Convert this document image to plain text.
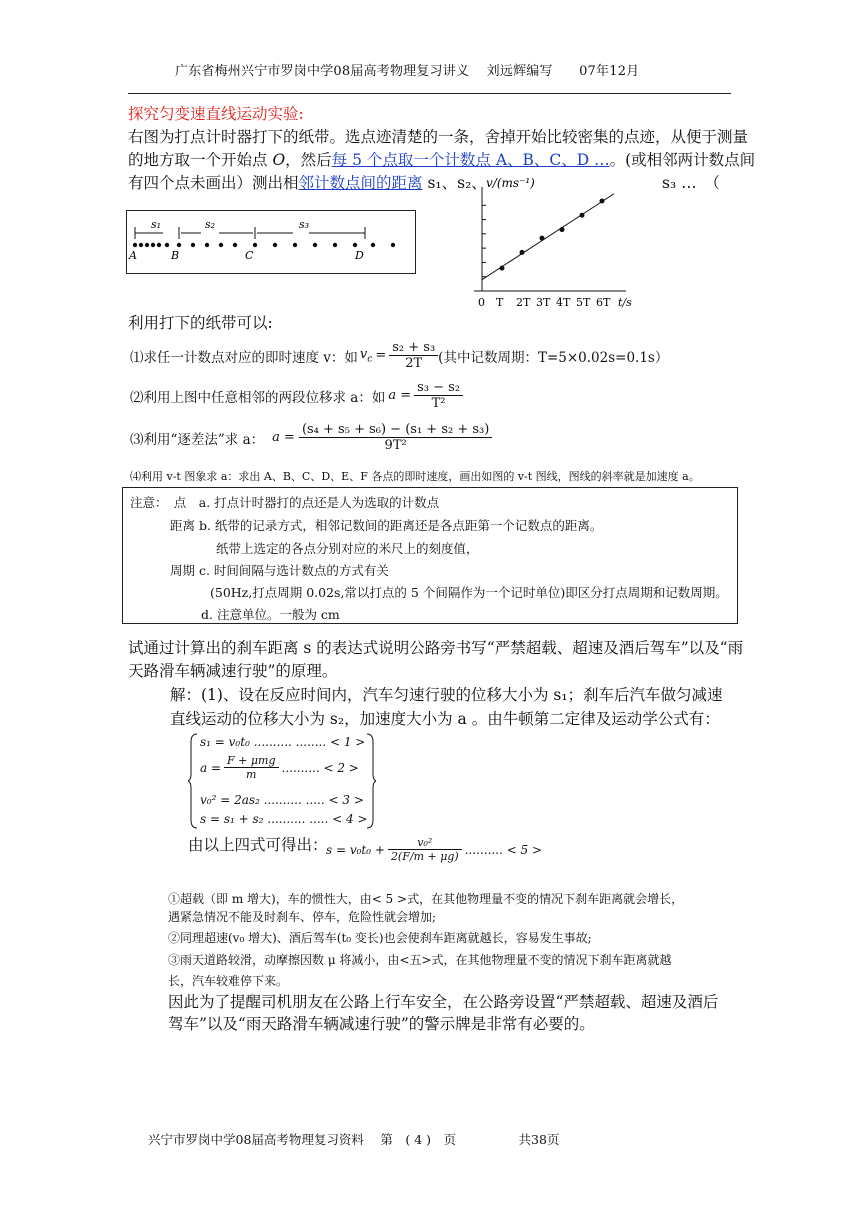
广东省梅州兴宁市罗岗中学08届高考物理复习讲义　 刘远辉编写　　07年12月
探究匀变速直线运动实验:
右图为打点计时器打下的纸带。选点迹清楚的一条，舍掉开始比较密集的点迹，从便于测量
的地方取一个开始点 O，然后每 5 个点取一个计数点 A、B、C、D …。(或相邻两计数点间
有四个点未画出）测出相邻计数点间的距离 s₁、s₂、	s₃ …　（
s₁	s₂	s₃
A	B	C	D
0 T 2T 3T 4T 5T 6T
v/(ms⁻¹)
t/s
利用打下的纸带可以:
⑴求任一计数点对应的即时速度 v：如 $v_c = \frac{\text{s₂ + s₃}}{2T}$ (其中记数周期：T=5×0.02s=0.1s）
⑵利用上图中任意相邻的两段位移求 a：如 $a = \frac{\text{s₃ − s₂}}{\text{T²}}$
⑶利用“逐差法”求 a： $a = \frac{\text{(s₄ + s₅ + s₆) − (s₁ + s₂ + s₃)}}{\text{9T²}}$
⑷利用 v-t 图象求 a：求出 A、B、C、D、E、F 各点的即时速度，画出如图的 v-t 图线，图线的斜率就是加速度 a。
注意：　点　a. 打点计时器打的点还是人为选取的计数点
距离 b. 纸带的记录方式，相邻记数间的距离还是各点距第一个记数点的距离。
纸带上选定的各点分别对应的米尺上的刻度值，
周期 c. 时间间隔与选计数点的方式有关
(50Hz,打点周期 0.02s,常以打点的 5 个间隔作为一个记时单位)即区分打点周期和记数周期。
d. 注意单位。一般为 cm
试通过计算出的刹车距离 s 的表达式说明公路旁书写“严禁超载、超速及酒后驾车”以及“雨
天路滑车辆减速行驶”的原理。
解：(1)、设在反应时间内，汽车匀速行驶的位移大小为 s₁；刹车后汽车做匀减速
直线运动的位移大小为 s₂，加速度大小为 a 。由牛顿第二定律及运动学公式有：
s₁ = v₀t₀ .......... ........ < 1 >
$a = \frac{\text{F + μmg}}{m}$ .......... < 2 >
v₀² = 2as₂ .......... ..... < 3 >
s = s₁ + s₂ .......... ..... < 4 >
由以上四式可得出：
$s = v_0t_0 + \frac{\text{v₀²}}{2(F/m + \mu g)}$ .......... < 5 >
①超载（即 m 增大)，车的惯性大，由< 5 >式，在其他物理量不变的情况下刹车距离就会增长，
遇紧急情况不能及时刹车、停车，危险性就会增加;
②同理超速(v₀ 增大)、酒后驾车(t₀ 变长)也会使刹车距离就越长，容易发生事故;
③雨天道路较滑，动摩擦因数 μ 将减小，由<五>式，在其他物理量不变的情况下刹车距离就越
长，汽车较难停下来。
因此为了提醒司机朋友在公路上行车安全，在公路旁设置“严禁超载、超速及酒后
驾车”以及“雨天路滑车辆减速行驶”的警示牌是非常有必要的。
兴宁市罗岗中学08届高考物理复习资料　 第　( 4 )　页　　　　　共38页
